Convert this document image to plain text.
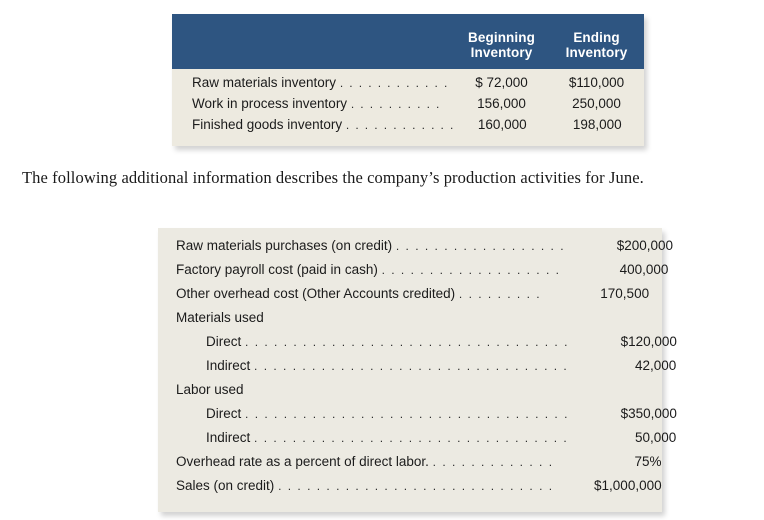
Beginning
Inventory
Ending
Inventory
Raw materials inventory . . . . . . . . . . . .	$ 72,000	$110,000
Work in process inventory . . . . . . . . . .	156,000	250,000
Finished goods inventory . . . . . . . . . . . .	160,000	198,000
The following additional information describes the company’s production activities for June.
Raw materials purchases (on credit) . . . . . . . . . . . . . . . . . .	$200,000
Factory payroll cost (paid in cash) . . . . . . . . . . . . . . . . . . .	400,000
Other overhead cost (Other Accounts credited) . . . . . . . . .	170,500
Materials used
Direct . . . . . . . . . . . . . . . . . . . . . . . . . . . . . . . . . .	$120,000
Indirect . . . . . . . . . . . . . . . . . . . . . . . . . . . . . . . . .	42,000
Labor used
Direct . . . . . . . . . . . . . . . . . . . . . . . . . . . . . . . . . .	$350,000
Indirect . . . . . . . . . . . . . . . . . . . . . . . . . . . . . . . . .	50,000
Overhead rate as a percent of direct labor. . . . . . . . . . . . . .	75%
Sales (on credit) . . . . . . . . . . . . . . . . . . . . . . . . . . . . .	$1,000,000
